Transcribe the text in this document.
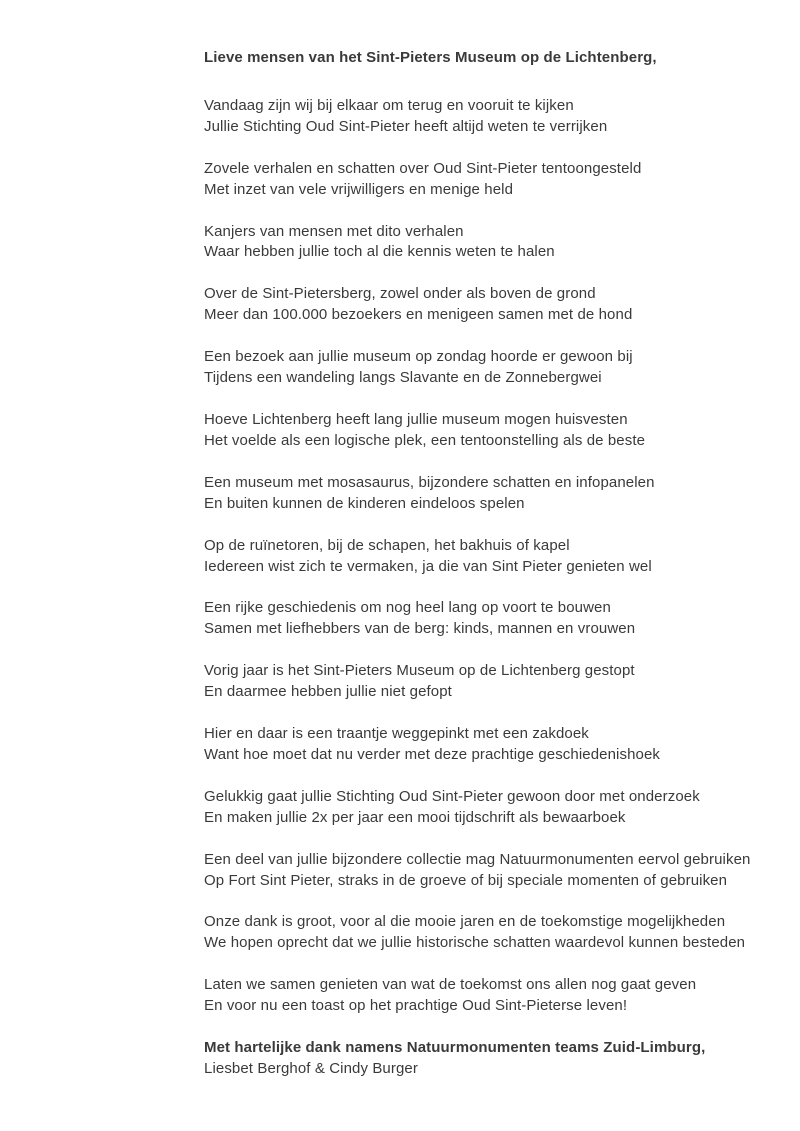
Lieve mensen van het Sint-Pieters Museum op de Lichtenberg,

Vandaag zijn wij bij elkaar om terug en vooruit te kijken
Jullie Stichting Oud Sint-Pieter heeft altijd weten te verrijken
Zovele verhalen en schatten over Oud Sint-Pieter tentoongesteld
Met inzet van vele vrijwilligers en menige held
Kanjers van mensen met dito verhalen
Waar hebben jullie toch al die kennis weten te halen
Over de Sint-Pietersberg, zowel onder als boven de grond
Meer dan 100.000 bezoekers en menigeen samen met de hond
Een bezoek aan jullie museum op zondag hoorde er gewoon bij
Tijdens een wandeling langs Slavante en de Zonnebergwei
Hoeve Lichtenberg heeft lang jullie museum mogen huisvesten
Het voelde als een logische plek, een tentoonstelling als de beste
Een museum met mosasaurus, bijzondere schatten en infopanelen
En buiten kunnen de kinderen eindeloos spelen
Op de ruïnetoren, bij de schapen, het bakhuis of kapel
Iedereen wist zich te vermaken, ja die van Sint Pieter genieten wel
Een rijke geschiedenis om nog heel lang op voort te bouwen
Samen met liefhebbers van de berg: kinds, mannen en vrouwen
Vorig jaar is het Sint-Pieters Museum op de Lichtenberg gestopt
En daarmee hebben jullie niet gefopt
Hier en daar is een traantje weggepinkt met een zakdoek
Want hoe moet dat nu verder met deze prachtige geschiedenishoek
Gelukkig gaat jullie Stichting Oud Sint-Pieter gewoon door met onderzoek
En maken jullie 2x per jaar een mooi tijdschrift als bewaarboek
Een deel van jullie bijzondere collectie mag Natuurmonumenten eervol gebruiken
Op Fort Sint Pieter, straks in de groeve of bij speciale momenten of gebruiken
Onze dank is groot, voor al die mooie jaren en de toekomstige mogelijkheden
We hopen oprecht dat we jullie historische schatten waardevol kunnen besteden
Laten we samen genieten van wat de toekomst ons allen nog gaat geven
En voor nu een toast op het prachtige Oud Sint-Pieterse leven!
Met hartelijke dank namens Natuurmonumenten teams Zuid-Limburg,
Liesbet Berghof & Cindy Burger
